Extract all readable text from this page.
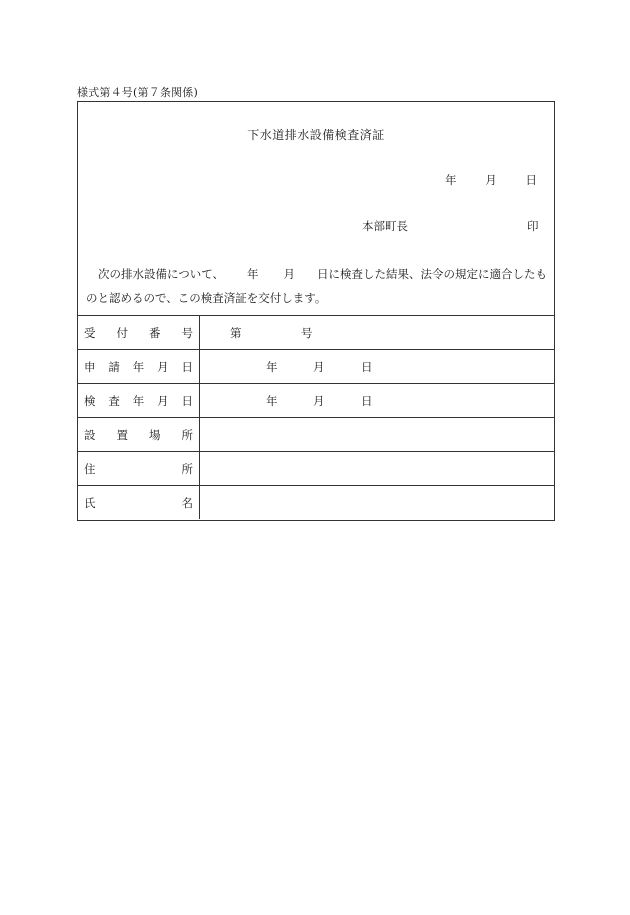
様式第４号(第７条関係)
下水道排水設備検査済証
年	月	日
本部町長	印
次の排水設備について、 年 月 日に検査した結果、法令の規定に適合したも
のと認めるので、この検査済証を交付します。
受 付 番 号	第	号
申 請 年 月 日	年	月	日
検 査 年 月 日	年	月	日
設 置 場 所
住	所
氏	名
